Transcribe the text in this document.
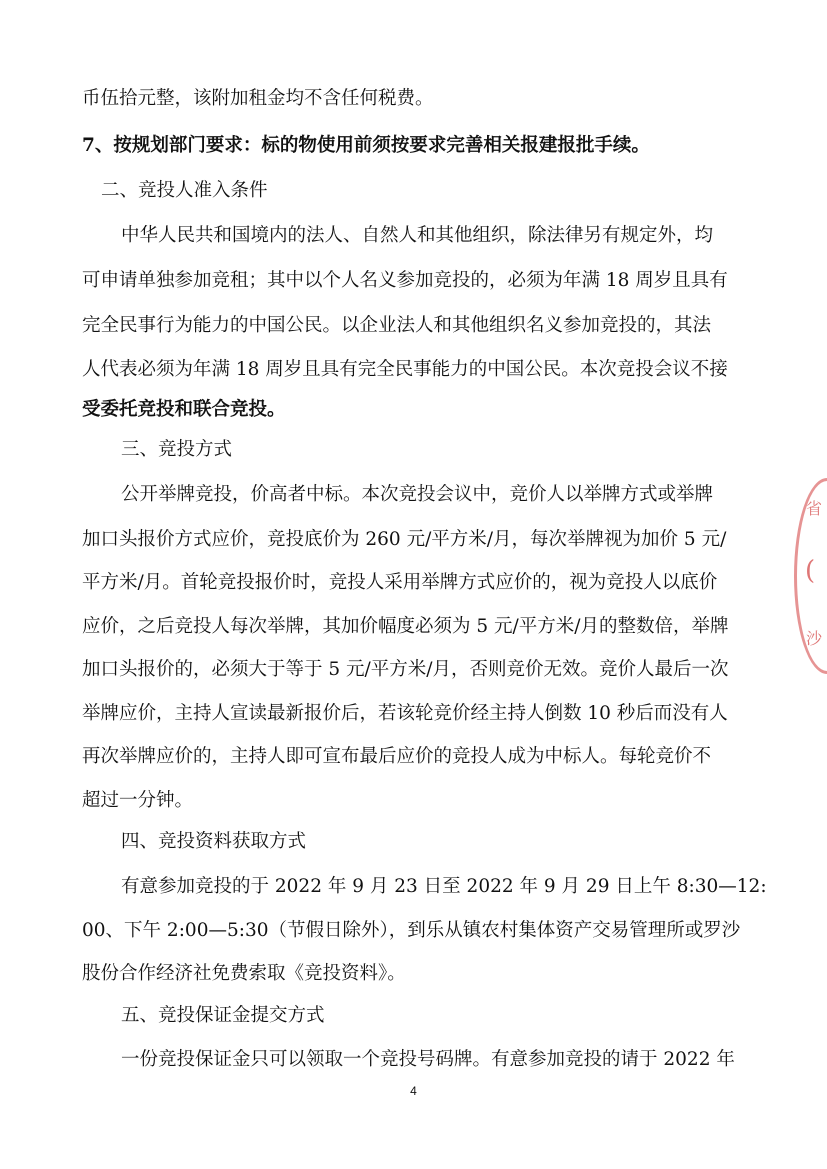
币伍拾元整，该附加租金均不含任何税费。
7、按规划部门要求：标的物使用前须按要求完善相关报建报批手续。
二、竞投人准入条件
中华人民共和国境内的法人、自然人和其他组织，除法律另有规定外，均
可申请单独参加竞租；其中以个人名义参加竞投的，必须为年满 18 周岁且具有
完全民事行为能力的中国公民。以企业法人和其他组织名义参加竞投的，其法
人代表必须为年满 18 周岁且具有完全民事能力的中国公民。本次竞投会议不接
受委托竞投和联合竞投。
三、竞投方式
公开举牌竞投，价高者中标。本次竞投会议中，竞价人以举牌方式或举牌
加口头报价方式应价，竞投底价为 260 元/平方米/月，每次举牌视为加价 5 元/
平方米/月。首轮竞投报价时，竞投人采用举牌方式应价的，视为竞投人以底价
应价，之后竞投人每次举牌，其加价幅度必须为 5 元/平方米/月的整数倍，举牌
加口头报价的，必须大于等于 5 元/平方米/月，否则竞价无效。竞价人最后一次
举牌应价，主持人宣读最新报价后，若该轮竞价经主持人倒数 10 秒后而没有人
再次举牌应价的，主持人即可宣布最后应价的竞投人成为中标人。每轮竞价不
超过一分钟。
四、竞投资料获取方式
有意参加竞投的于 2022 年 9 月 23 日至 2022 年 9 月 29 日上午 8:30—12:
00、下午 2:00—5:30（节假日除外），到乐从镇农村集体资产交易管理所或罗沙
股份合作经济社免费索取《竞投资料》。
五、竞投保证金提交方式
一份竞投保证金只可以领取一个竞投号码牌。有意参加竞投的请于 2022 年
省
(
沙
4
